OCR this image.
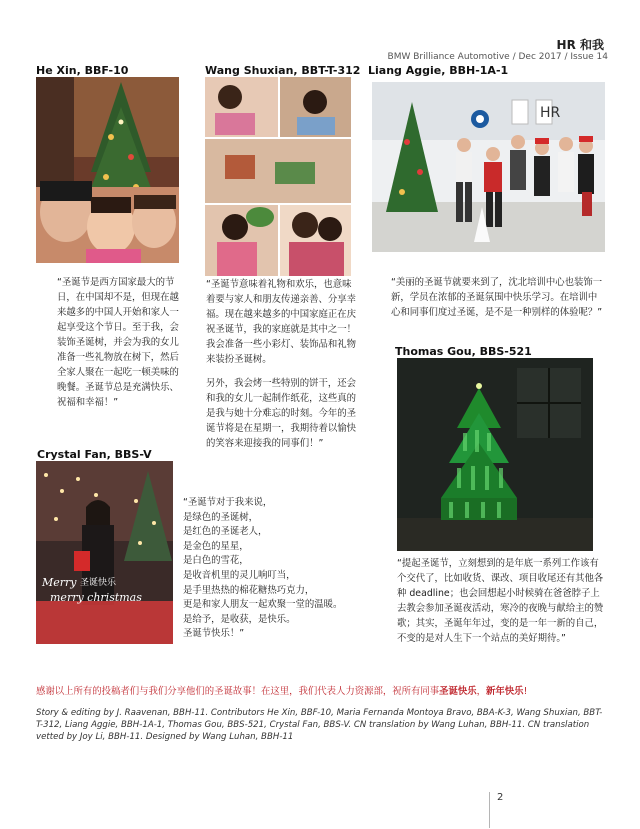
HR 和我
BMW Brilliance Automotive / Dec 2017 / Issue 14
He Xin, BBF-10

“圣诞节是西方国家最大的节日，在中国却不是，但现在越来越多的中国人开始和家人一起享受这个节日。至于我，会装饰圣诞树，并会为我的女儿准备一些礼物放在树下，然后全家人聚在一起吃一顿美味的晚餐。圣诞节总是充满快乐、祝福和幸福！”

Wang Shuxian, BBT-T-312

“圣诞节意味着礼物和欢乐，也意味着要与家人和朋友传递亲善、分享幸福。现在越来越多的中国家庭正在庆祝圣诞节，我的家庭就是其中之一！我会准备一些小彩灯、装饰品和礼物来装扮圣诞树。

另外，我会烤一些特别的饼干，还会和我的女儿一起制作纸花，这些真的是我与她十分难忘的时刻。今年的圣诞节将是在星期一，我期待着以愉快的笑容来迎接我的同事们！”

Liang Aggie, BBH-1A-1
HR

“美丽的圣诞节就要来到了，沈北培训中心也装饰一新，学员在浓郁的圣诞氛围中快乐学习。在培训中心和同事们度过圣诞，是不是一种别样的体验呢？”

Thomas Gou, BBS-521

“提起圣诞节，立刻想到的是年底一系列工作该有个交代了，比如收货、课改、项目收尾还有其他各种 deadline；也会回想起小时候骑在爸爸脖子上去教会参加圣诞夜活动，寒冷的夜晚与献给主的赞歌；其实，圣诞年年过，变的是一年一新的自己，不变的是对人生下一个站点的美好期待。”

Crystal Fan, BBS-V
Merry 圣诞快乐
merry christmas

“圣诞节对于我来说，

是绿色的圣诞树，

是红色的圣诞老人，

是金色的星星，

是白色的雪花，

是收音机里的灵儿响叮当，

是手里热热的棉花糖热巧克力，

更是和家人朋友一起欢聚一堂的温暖。

是给予，是收获，是快乐。

圣诞节快乐！”

感谢以上所有的投稿者们与我们分享他们的圣诞故事！在这里，我们代表人力资源部，祝所有同事圣诞快乐，新年快乐!
Story & editing by J. Raavenan, BBH-11. Contributors He Xin, BBF-10, Maria Fernanda Montoya Bravo, BBA-K-3, Wang Shuxian, BBT-T-312, Liang Aggie, BBH-1A-1, Thomas Gou, BBS-521, Crystal Fan, BBS-V. CN translation by Wang Luhan, BBH-11. CN translation vetted by Joy Li, BBH-11. Designed by Wang Luhan, BBH-11
2
